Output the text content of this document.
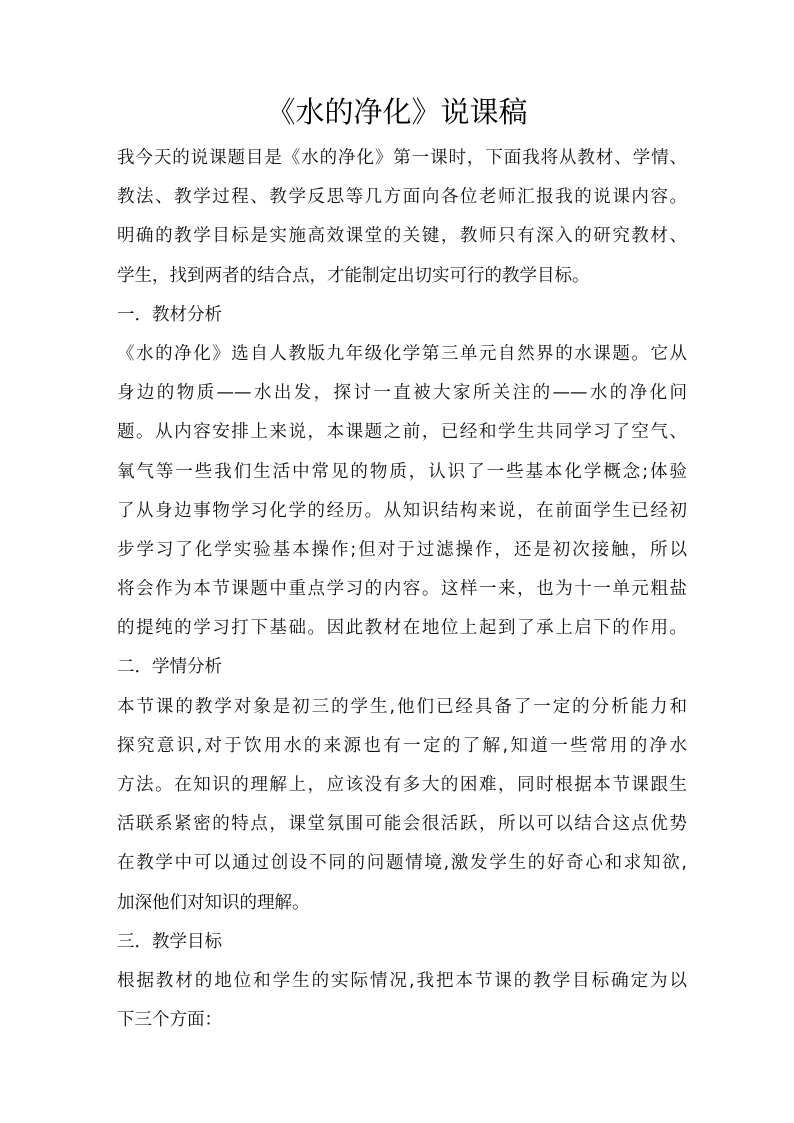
《水的净化》说课稿
我今天的说课题目是《水的净化》第一课时，下面我将从教材、学情、
教法、教学过程、教学反思等几方面向各位老师汇报我的说课内容。
明确的教学目标是实施高效课堂的关键，教师只有深入的研究教材、
学生，找到两者的结合点，才能制定出切实可行的教学目标。
一．教材分析
《水的净化》选自人教版九年级化学第三单元自然界的水课题。它从
身边的物质——水出发，探讨一直被大家所关注的——水的净化问
题。从内容安排上来说，本课题之前，已经和学生共同学习了空气、
氧气等一些我们生活中常见的物质，认识了一些基本化学概念;体验
了从身边事物学习化学的经历。从知识结构来说，在前面学生已经初
步学习了化学实验基本操作;但对于过滤操作，还是初次接触，所以
将会作为本节课题中重点学习的内容。这样一来，也为十一单元粗盐
的提纯的学习打下基础。因此教材在地位上起到了承上启下的作用。
二．学情分析
本节课的教学对象是初三的学生,他们已经具备了一定的分析能力和
探究意识,对于饮用水的来源也有一定的了解,知道一些常用的净水
方法。在知识的理解上，应该没有多大的困难，同时根据本节课跟生
活联系紧密的特点，课堂氛围可能会很活跃，所以可以结合这点优势
在教学中可以通过创设不同的问题情境,激发学生的好奇心和求知欲,
加深他们对知识的理解。
三．教学目标
根据教材的地位和学生的实际情况,我把本节课的教学目标确定为以
下三个方面：
